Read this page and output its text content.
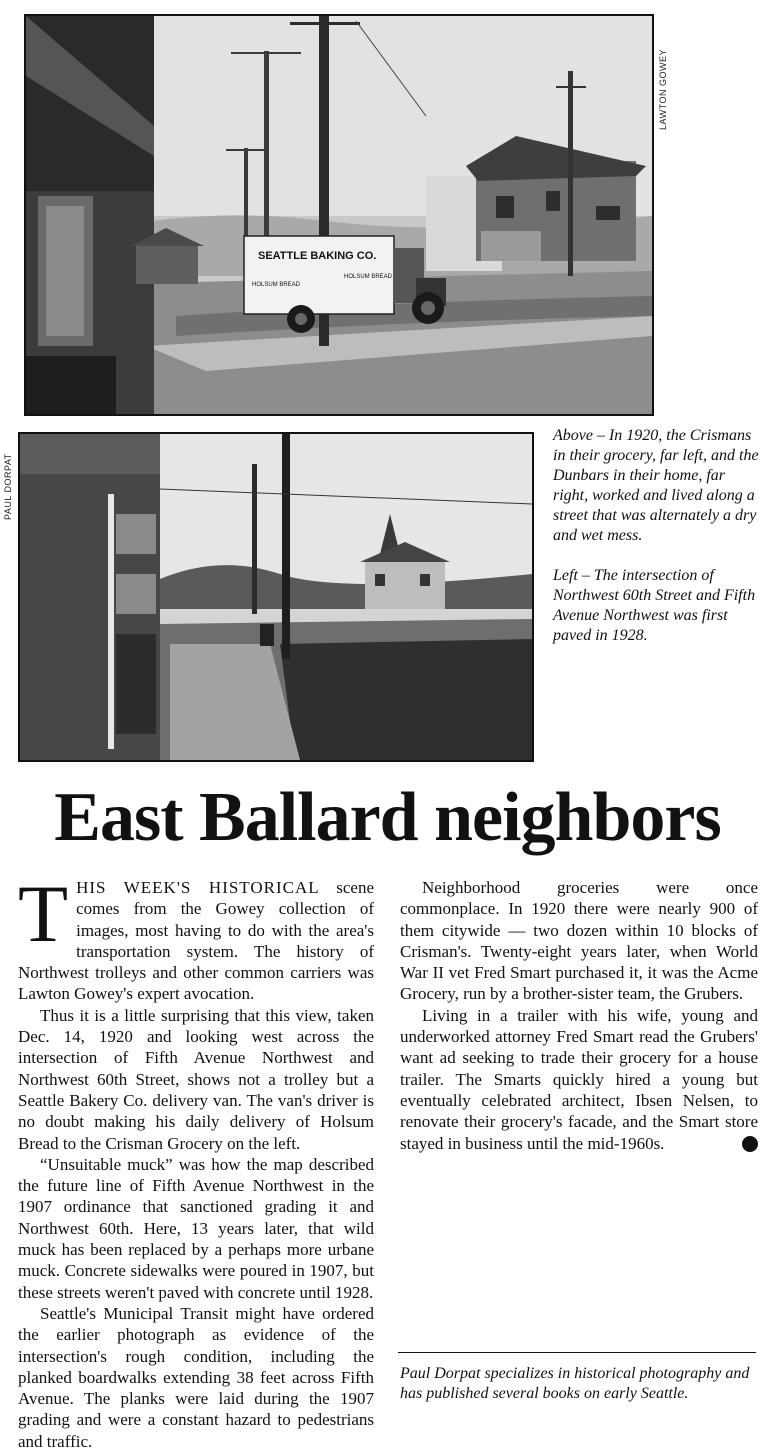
LAWTON GOWEY
PAUL DORPAT
SEATTLE BAKING CO.
HOLSUM BREAD
HOLSUM BREAD

Above – In 1920, the Crismans in their grocery, far left, and the Dunbars in their home, far right, worked and lived along a street that was alternately a dry and wet mess.

Left – The intersection of Northwest 60th Street and Fifth Avenue Northwest was first paved in 1928.

East Ballard neighbors

THIS WEEK'S HISTORICAL scene comes from the Gowey collection of images, most having to do with the area's transportation system. The history of Northwest trolleys and other common carriers was Lawton Gowey's expert avocation.

Thus it is a little surprising that this view, taken Dec. 14, 1920 and looking west across the intersection of Fifth Avenue Northwest and Northwest 60th Street, shows not a trolley but a Seattle Bakery Co. delivery van. The van's driver is no doubt making his daily delivery of Holsum Bread to the Crisman Grocery on the left.

“Unsuitable muck” was how the map described the future line of Fifth Avenue Northwest in the 1907 ordinance that sanctioned grading it and Northwest 60th. Here, 13 years later, that wild muck has been replaced by a perhaps more urbane muck. Concrete sidewalks were poured in 1907, but these streets weren't paved with concrete until 1928.

Seattle's Municipal Transit might have ordered the earlier photograph as evidence of the intersection's rough condition, including the planked boardwalks extending 38 feet across Fifth Avenue. The planks were laid during the 1907 grading and were a constant hazard to pedestrians and traffic.

Neighborhood groceries were once commonplace. In 1920 there were nearly 900 of them citywide — two dozen within 10 blocks of Crisman's. Twenty-eight years later, when World War II vet Fred Smart purchased it, it was the Acme Grocery, run by a brother-sister team, the Grubers.

Living in a trailer with his wife, young and underworked attorney Fred Smart read the Grubers' want ad seeking to trade their grocery for a house trailer. The Smarts quickly hired a young but eventually celebrated architect, Ibsen Nelsen, to renovate their grocery's facade, and the Smart store stayed in business until the mid-1960s.	P

Paul Dorpat specializes in historical photography and has published several books on early Seattle.
